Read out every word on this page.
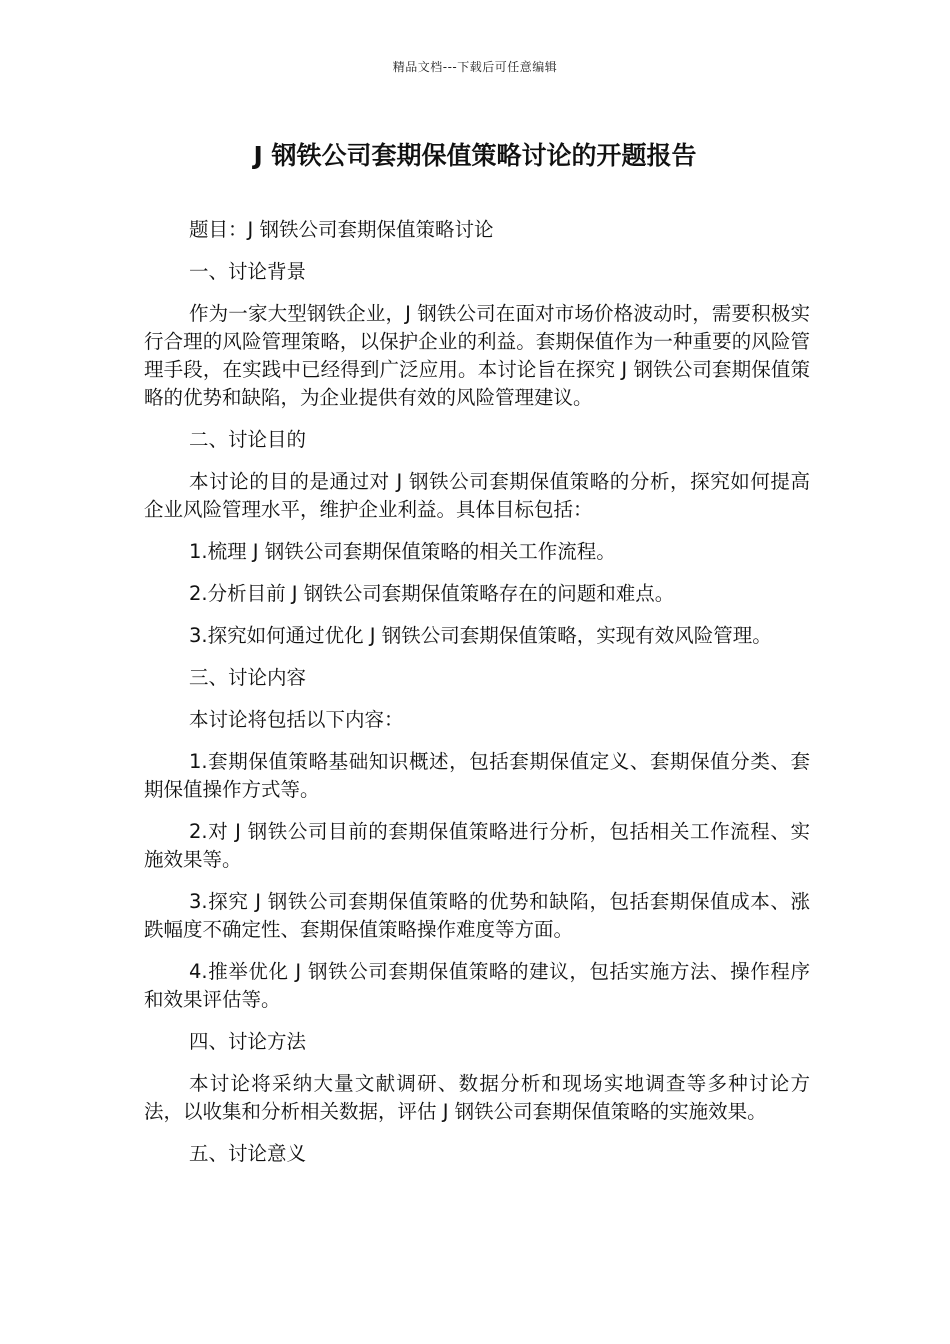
精品文档---下载后可任意编辑
J 钢铁公司套期保值策略讨论的开题报告

题目：J 钢铁公司套期保值策略讨论

一、讨论背景

作为一家大型钢铁企业，J 钢铁公司在面对市场价格波动时，需要积极实行合理的风险管理策略，以保护企业的利益。套期保值作为一种重要的风险管理手段，在实践中已经得到广泛应用。本讨论旨在探究 J 钢铁公司套期保值策略的优势和缺陷，为企业提供有效的风险管理建议。

二、讨论目的

本讨论的目的是通过对 J 钢铁公司套期保值策略的分析，探究如何提高企业风险管理水平，维护企业利益。具体目标包括：

1.梳理 J 钢铁公司套期保值策略的相关工作流程。

2.分析目前 J 钢铁公司套期保值策略存在的问题和难点。

3.探究如何通过优化 J 钢铁公司套期保值策略，实现有效风险管理。

三、讨论内容

本讨论将包括以下内容：

1.套期保值策略基础知识概述，包括套期保值定义、套期保值分类、套期保值操作方式等。

2.对 J 钢铁公司目前的套期保值策略进行分析，包括相关工作流程、实施效果等。

3.探究 J 钢铁公司套期保值策略的优势和缺陷，包括套期保值成本、涨跌幅度不确定性、套期保值策略操作难度等方面。

4.推举优化 J 钢铁公司套期保值策略的建议，包括实施方法、操作程序和效果评估等。

四、讨论方法

本讨论将采纳大量文献调研、数据分析和现场实地调查等多种讨论方法，以收集和分析相关数据，评估 J 钢铁公司套期保值策略的实施效果。

五、讨论意义
